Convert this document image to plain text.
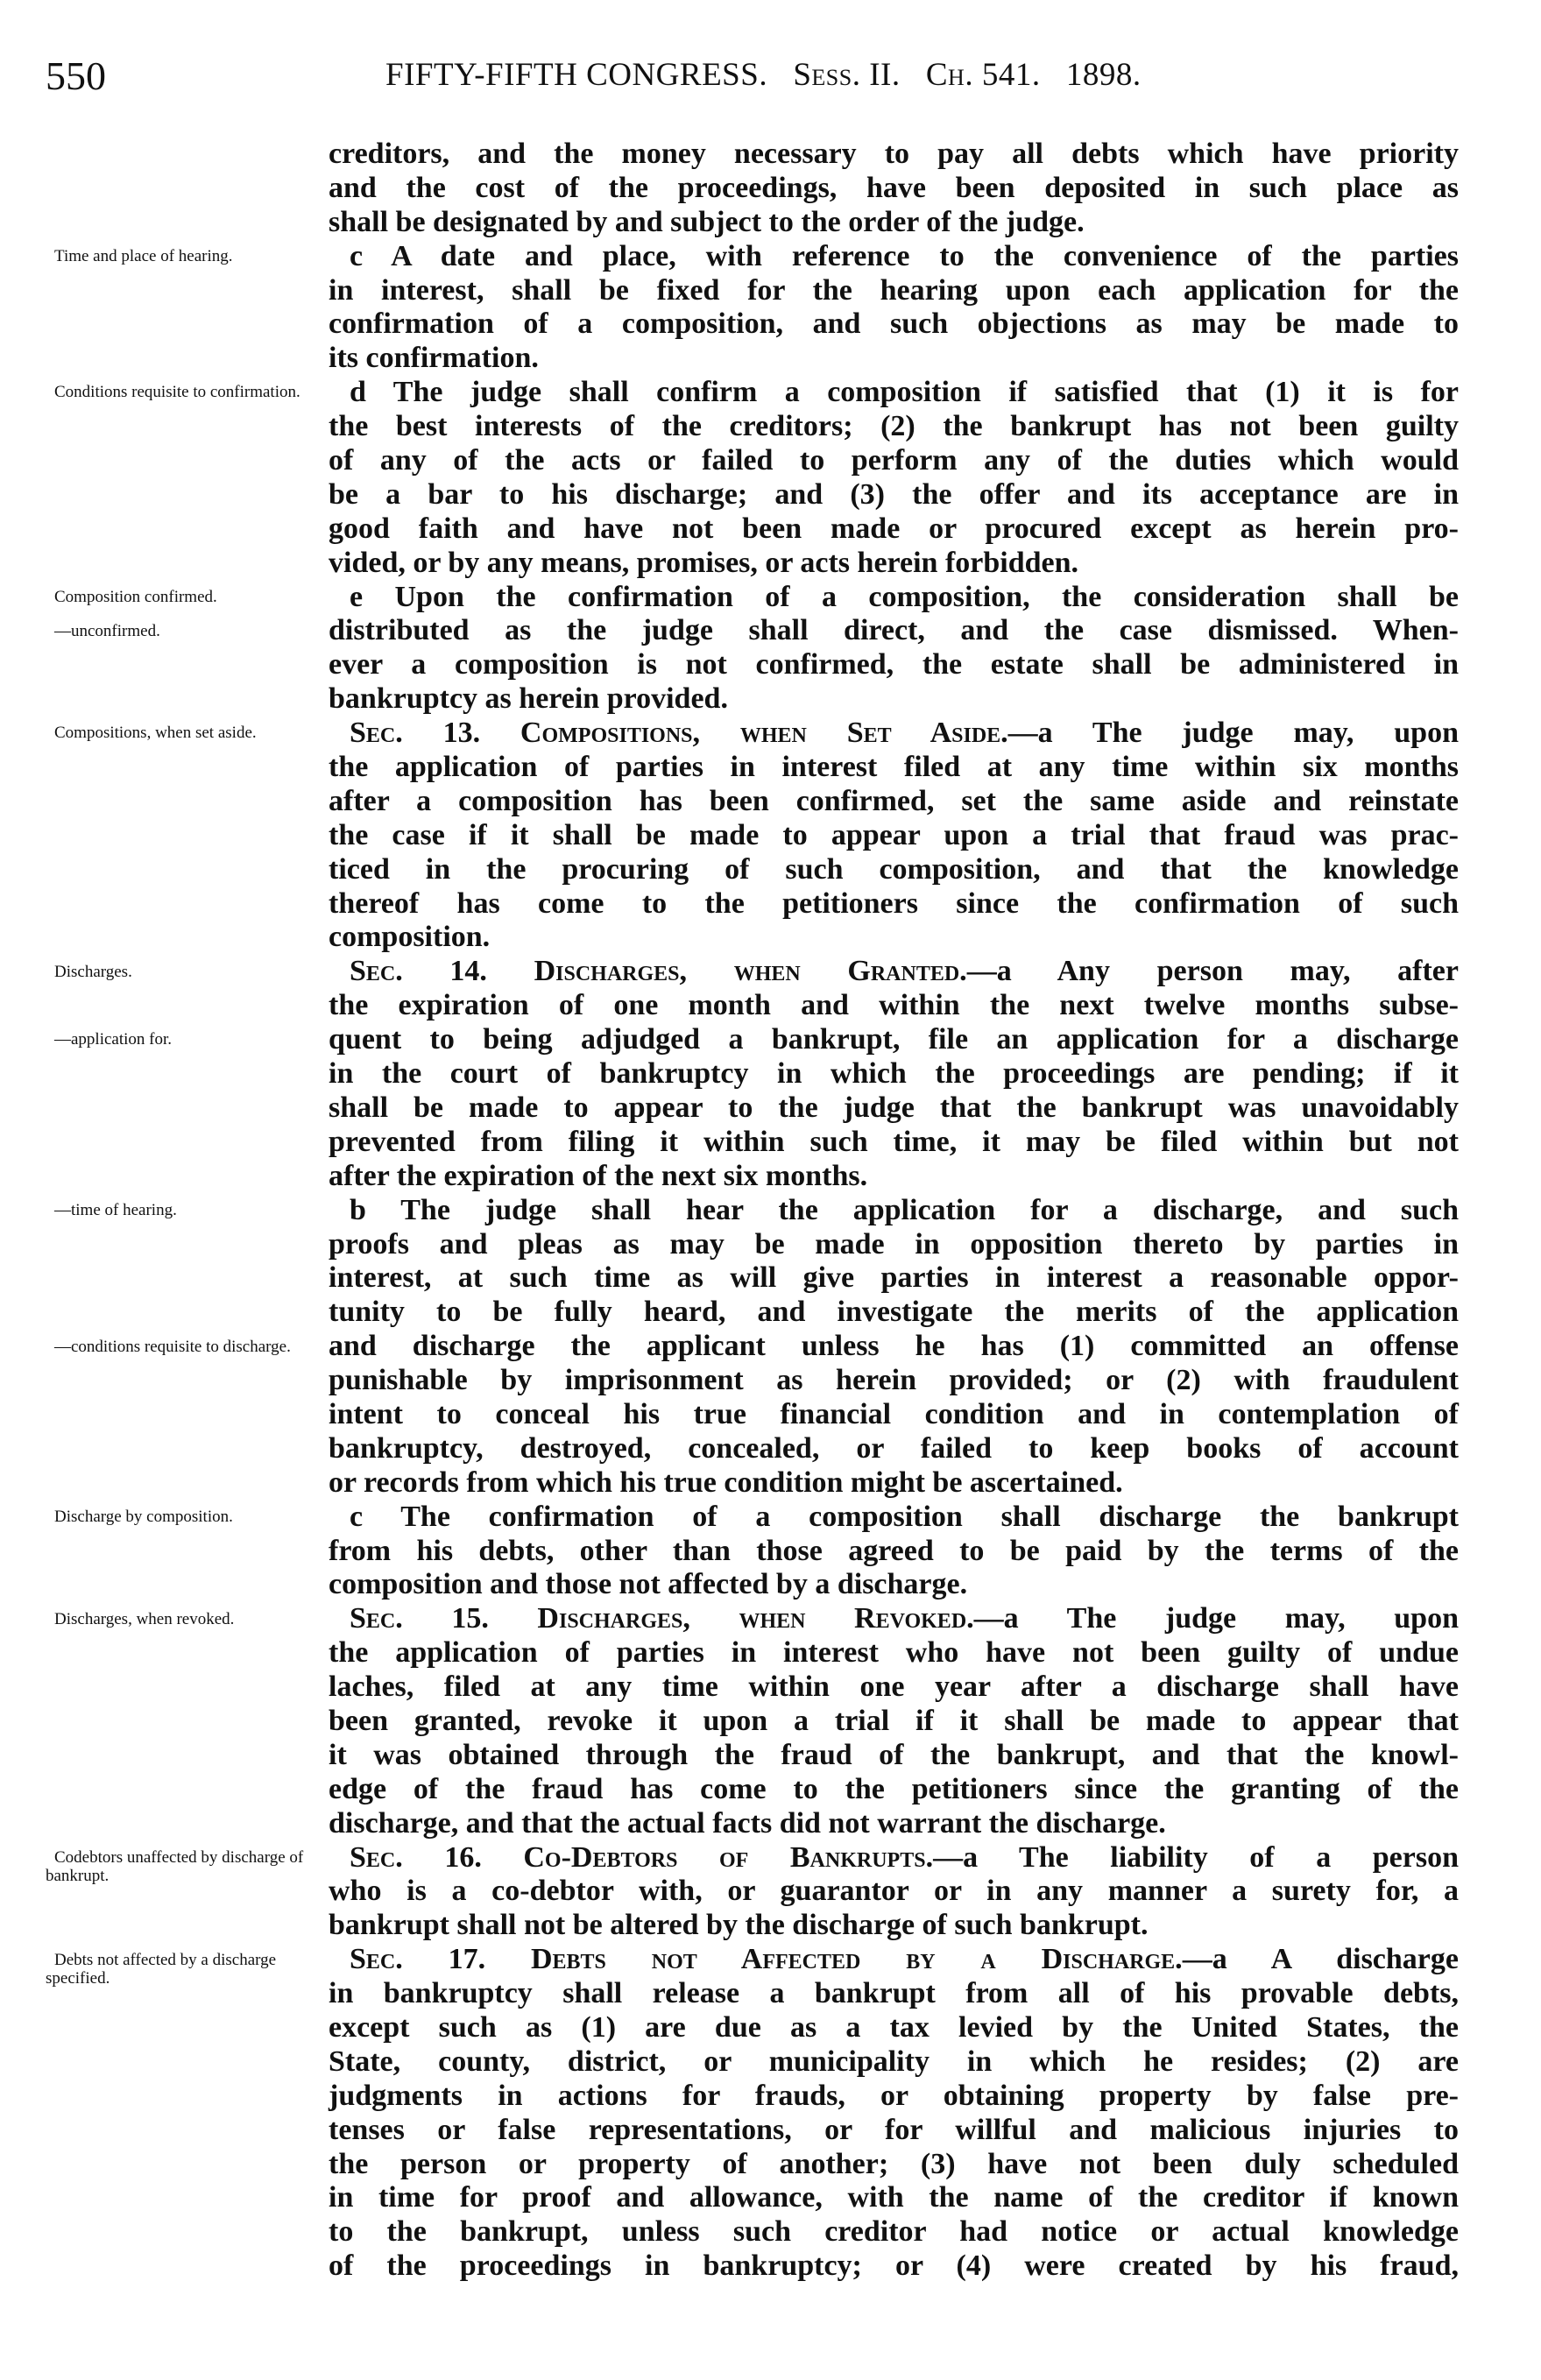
550	FIFTY-FIFTH CONGRESS. Sess. II. Ch. 541. 1898.
creditors, and the money necessary to pay all debts which have priority
and the cost of the proceedings, have been deposited in such place as
shall be designated by and subject to the order of the judge.
c A date and place, with reference to the convenience of the parties
in interest, shall be fixed for the hearing upon each application for the
confirmation of a composition, and such objections as may be made to
its confirmation.
d The judge shall confirm a composition if satisfied that (1) it is for
the best interests of the creditors; (2) the bankrupt has not been guilty
of any of the acts or failed to perform any of the duties which would
be a bar to his discharge; and (3) the offer and its acceptance are in
good faith and have not been made or procured except as herein pro-
vided, or by any means, promises, or acts herein forbidden.
e Upon the confirmation of a composition, the consideration shall be
distributed as the judge shall direct, and the case dismissed. When-
ever a composition is not confirmed, the estate shall be administered in
bankruptcy as herein provided.
Sec. 13. Compositions, when Set Aside.—a The judge may, upon
the application of parties in interest filed at any time within six months
after a composition has been confirmed, set the same aside and reinstate
the case if it shall be made to appear upon a trial that fraud was prac-
ticed in the procuring of such composition, and that the knowledge
thereof has come to the petitioners since the confirmation of such
composition.
Sec. 14. Discharges, when Granted.—a Any person may, after
the expiration of one month and within the next twelve months subse-
quent to being adjudged a bankrupt, file an application for a discharge
in the court of bankruptcy in which the proceedings are pending; if it
shall be made to appear to the judge that the bankrupt was unavoidably
prevented from filing it within such time, it may be filed within but not
after the expiration of the next six months.
b The judge shall hear the application for a discharge, and such
proofs and pleas as may be made in opposition thereto by parties in
interest, at such time as will give parties in interest a reasonable oppor-
tunity to be fully heard, and investigate the merits of the application
and discharge the applicant unless he has (1) committed an offense
punishable by imprisonment as herein provided; or (2) with fraudulent
intent to conceal his true financial condition and in contemplation of
bankruptcy, destroyed, concealed, or failed to keep books of account
or records from which his true condition might be ascertained.
c The confirmation of a composition shall discharge the bankrupt
from his debts, other than those agreed to be paid by the terms of the
composition and those not affected by a discharge.
Sec. 15. Discharges, when Revoked.—a The judge may, upon
the application of parties in interest who have not been guilty of undue
laches, filed at any time within one year after a discharge shall have
been granted, revoke it upon a trial if it shall be made to appear that
it was obtained through the fraud of the bankrupt, and that the knowl-
edge of the fraud has come to the petitioners since the granting of the
discharge, and that the actual facts did not warrant the discharge.
Sec. 16. Co-Debtors of Bankrupts.—a The liability of a person
who is a co-debtor with, or guarantor or in any manner a surety for, a
bankrupt shall not be altered by the discharge of such bankrupt.
Sec. 17. Debts not Affected by a Discharge.—a A discharge
in bankruptcy shall release a bankrupt from all of his provable debts,
except such as (1) are due as a tax levied by the United States, the
State, county, district, or municipality in which he resides; (2) are
judgments in actions for frauds, or obtaining property by false pre-
tenses or false representations, or for willful and malicious injuries to
the person or property of another; (3) have not been duly scheduled
in time for proof and allowance, with the name of the creditor if known
to the bankrupt, unless such creditor had notice or actual knowledge
of the proceedings in bankruptcy; or (4) were created by his fraud,
Time and place of hearing.
Conditions requisite to confirmation.
Composition confirmed.
—unconfirmed.
Compositions, when set aside.
Discharges.
—application for.
—time of hearing.
—conditions requisite to discharge.
Discharge by composition.
Discharges, when revoked.
Codebtors unaffected by discharge of bankrupt.
Debts not affected by a discharge specified.
